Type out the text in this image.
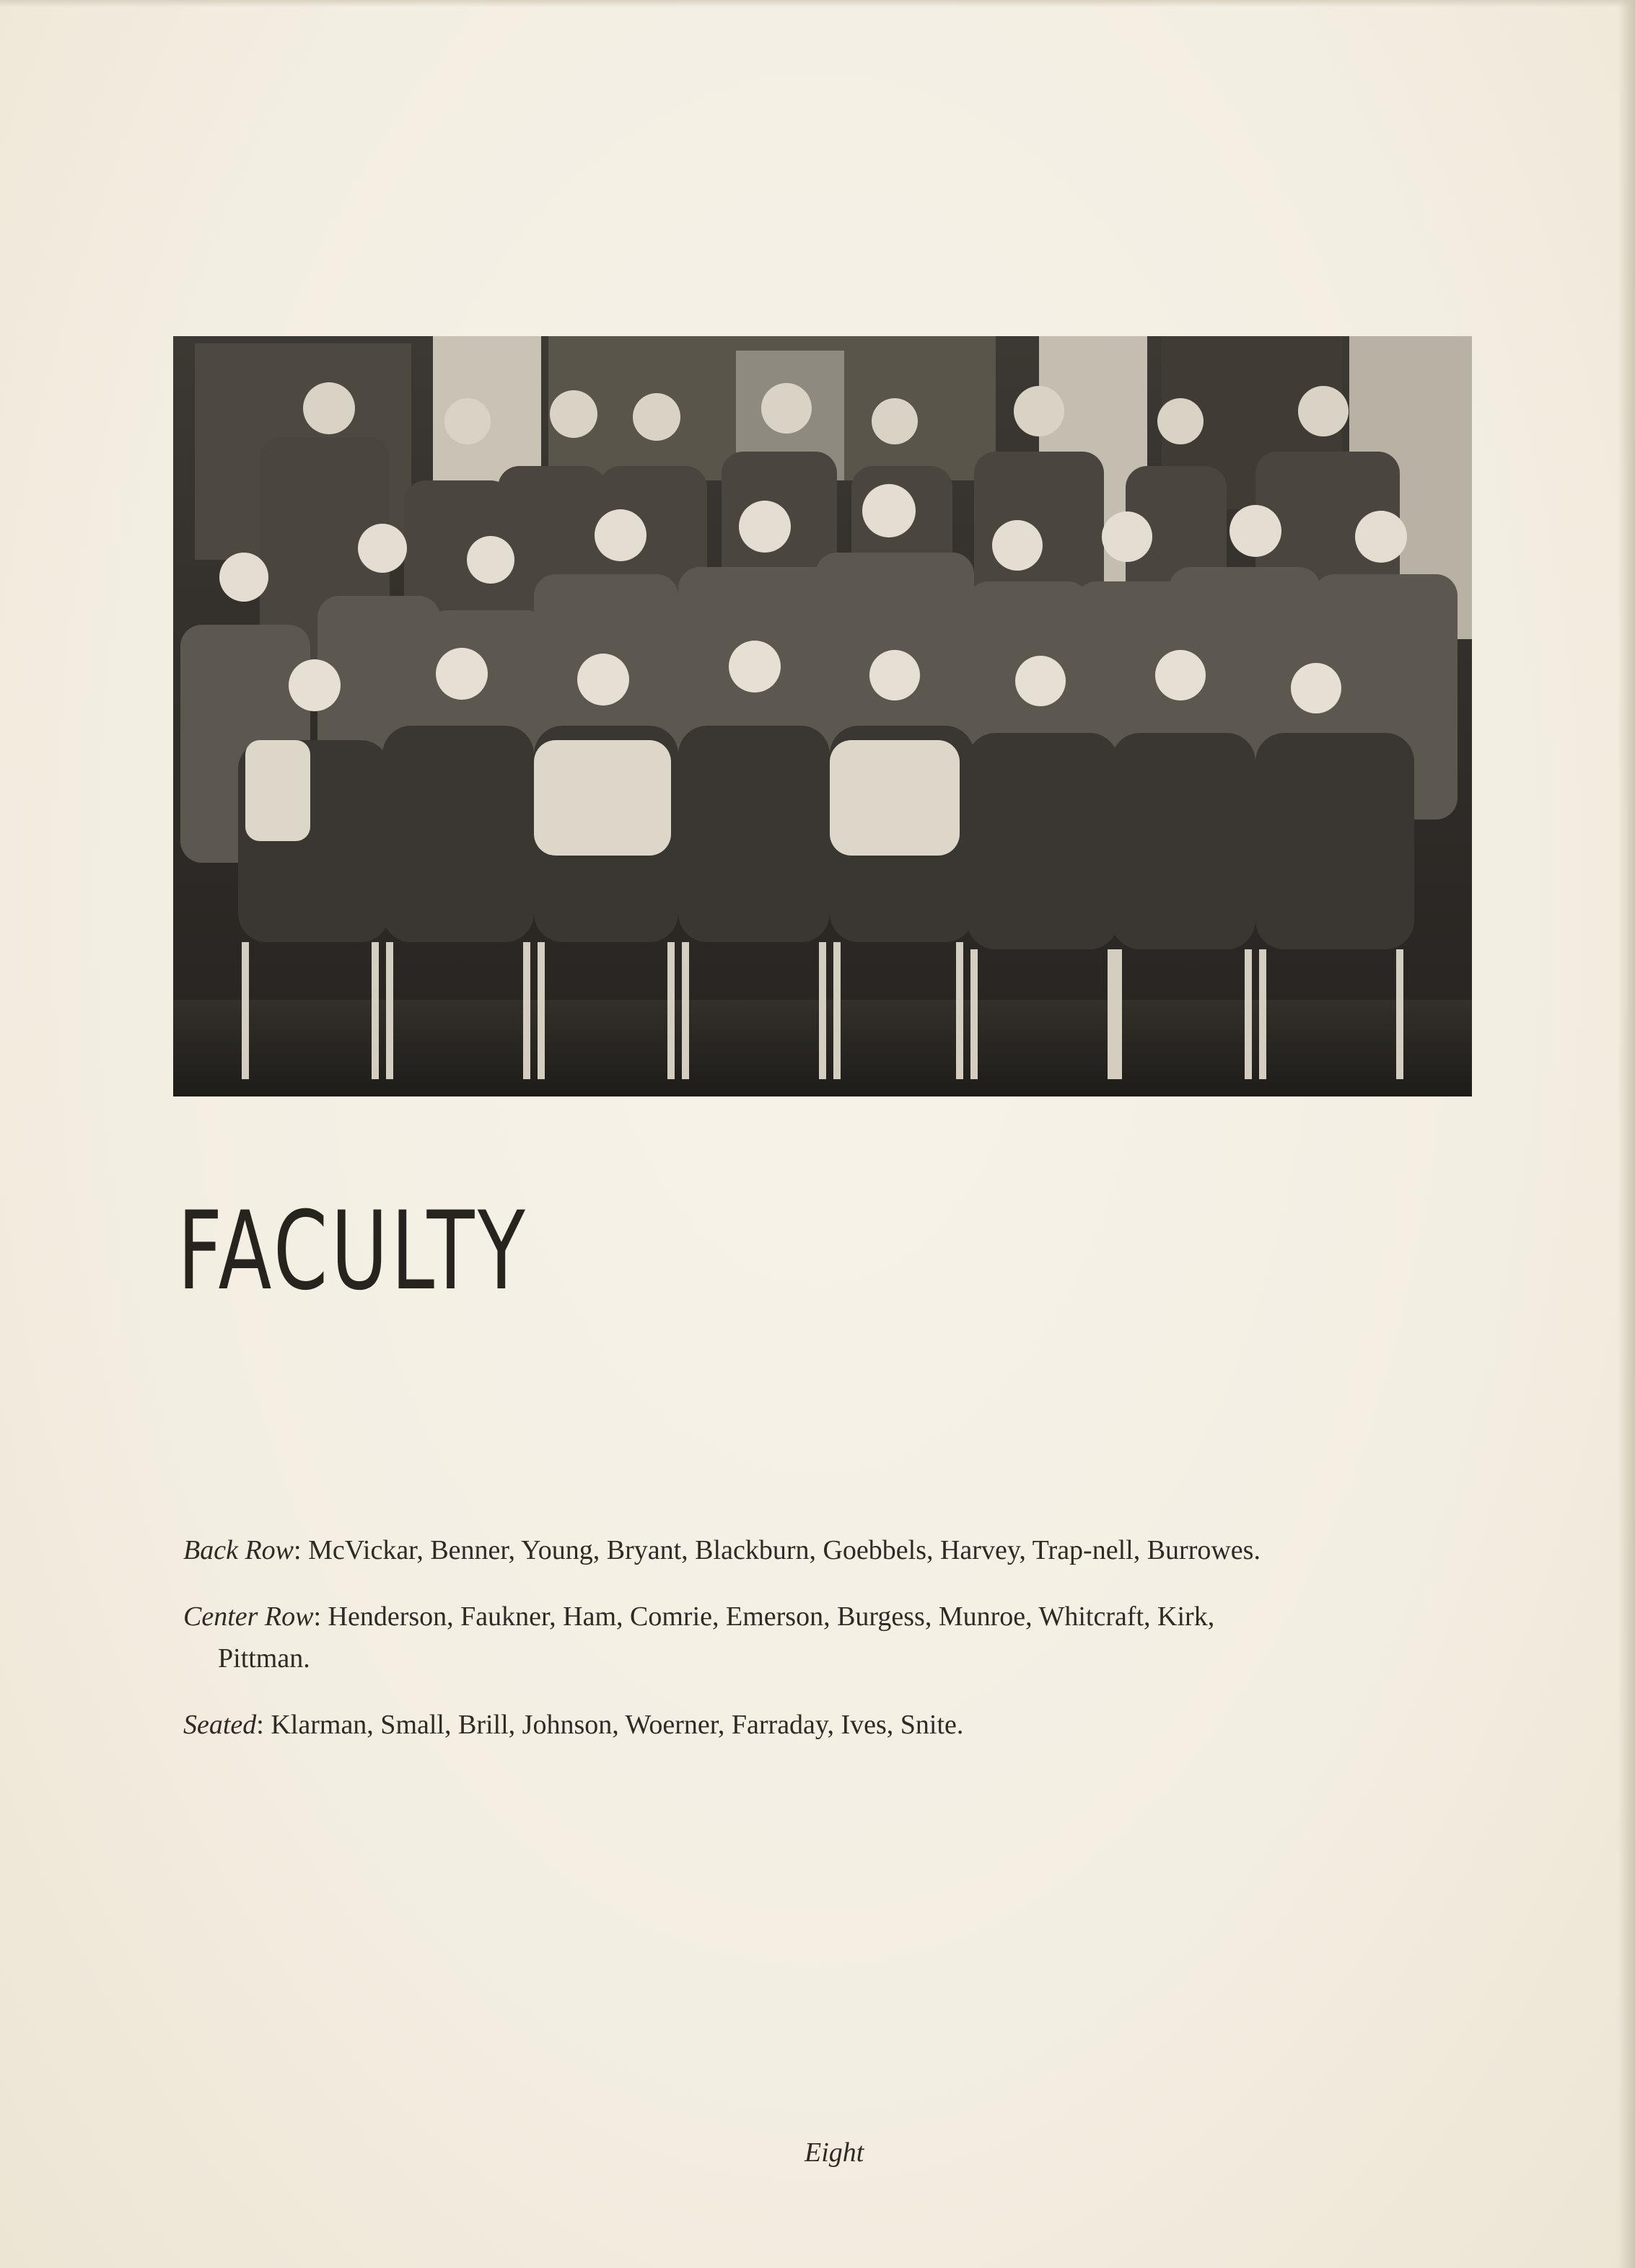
FACULTY

Back Row: McVickar, Benner, Young, Bryant, Blackburn, Goebbels, Harvey, Trap-nell, Burrowes.

Center Row: Henderson, Faukner, Ham, Comrie, Emerson, Burgess, Munroe, Whitcraft, Kirk, Pittman.

Seated: Klarman, Small, Brill, Johnson, Woerner, Farraday, Ives, Snite.

Eight
